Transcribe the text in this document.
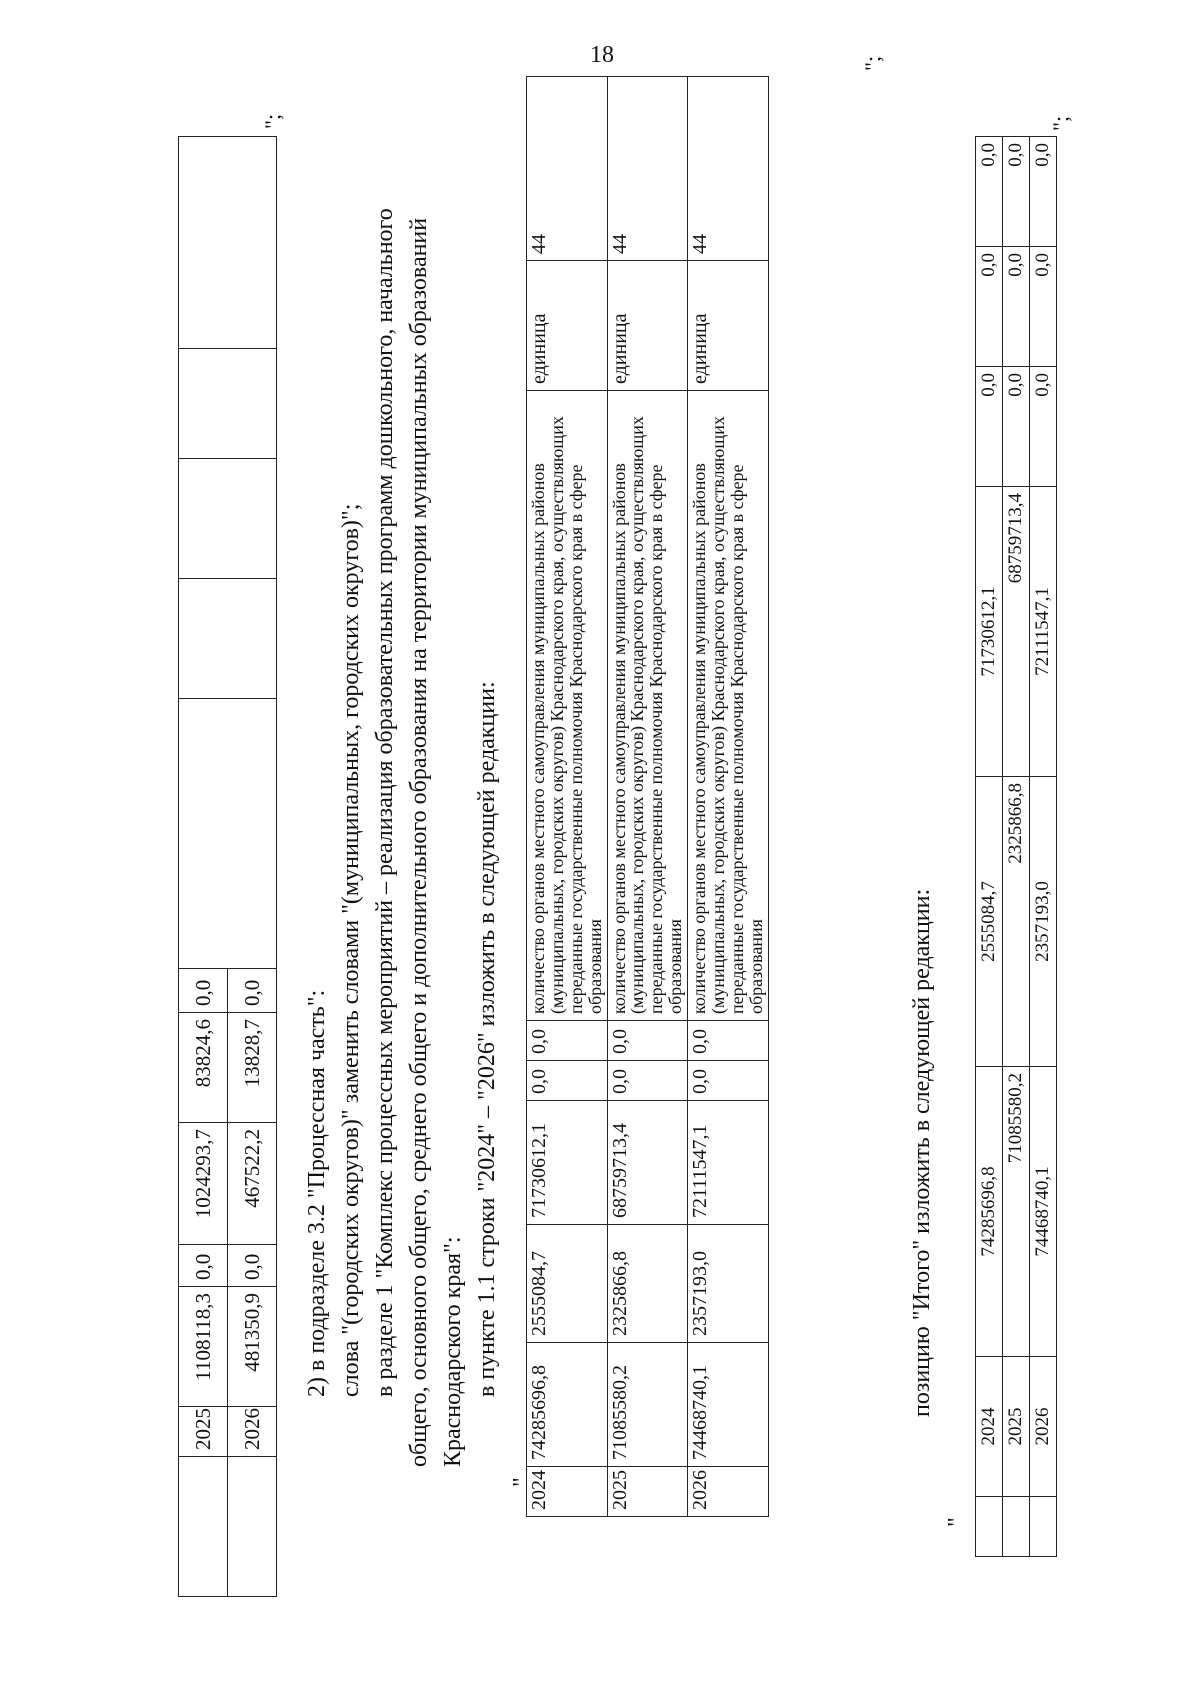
18
	2025	1108118,3	0,0	1024293,7	83824,6	0,0					
	2026	481350,9	0,0	467522,2	13828,7	0,0					
";
2) в подразделе 3.2 "Процессная часть": слова "(городских округов)" заменить словами "(муниципальных, городских округов)"; в разделе 1 "Комплекс процессных мероприятий – реализация образовательных программ дошкольного, начального общего, основного общего, среднего общего и дополнительного образования на территории муниципальных образований Краснодарского края": в пункте 1.1 строки "2024" – "2026" изложить в следующей редакции:
"
2024	74285696,8	2555084,7	71730612,1	0,0	0,0	количество органов местного самоуправления муниципальных районов (муниципальных, городских округов) Краснодарского края, осуществляющих переданные государственные полномочия Краснодарского края в сфере образования	единица	44
2025	71085580,2	2325866,8	68759713,4	0,0	0,0	количество органов местного самоуправления муниципальных районов (муниципальных, городских округов) Краснодарского края, осуществляющих переданные государственные полномочия Краснодарского края в сфере образования	единица	44
2026	74468740,1	2357193,0	72111547,1	0,0	0,0	количество органов местного самоуправления муниципальных районов (муниципальных, городских округов) Краснодарского края, осуществляющих переданные государственные полномочия Краснодарского края в сфере образования	единица	44
";
позицию "Итого" изложить в следующей редакции:
"
	2024	74285696,8	2555084,7	71730612,1	0,0	0,0	0,0
	2025	71085580,2	2325866,8	68759713,4	0,0	0,0	0,0
	2026	74468740,1	2357193,0	72111547,1	0,0	0,0	0,0
";
